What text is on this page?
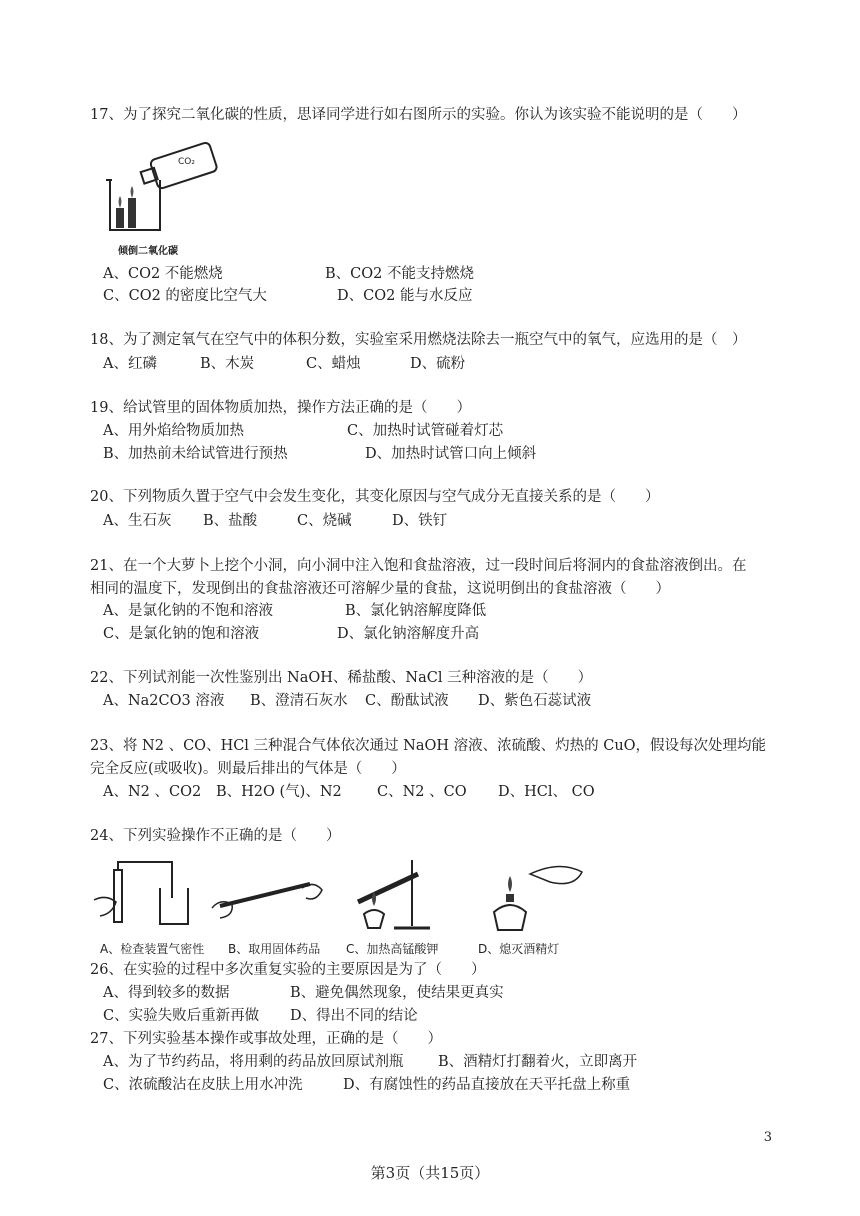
17、为了探究二氧化碳的性质，思译同学进行如右图所示的实验。你认为该实验不能说明的是（　　）
CO₂
倾倒二氧化碳
A、CO2 不能燃烧	B、CO2 不能支持燃烧
C、CO2 的密度比空气大	D、CO2 能与水反应
18、为了测定氧气在空气中的体积分数，实验室采用燃烧法除去一瓶空气中的氧气，应选用的是（　）
A、红磷	B、木炭	C、蜡烛	D、硫粉
19、给试管里的固体物质加热，操作方法正确的是（　　）
A、用外焰给物质加热	C、加热时试管碰着灯芯
B、加热前未给试管进行预热	D、加热时试管口向上倾斜
20、下列物质久置于空气中会发生变化，其变化原因与空气成分无直接关系的是（　　）
A、生石灰 B、盐酸	C、烧碱	D、铁钉
21、在一个大萝卜上挖个小洞，向小洞中注入饱和食盐溶液，过一段时间后将洞内的食盐溶液倒出。在
相同的温度下，发现倒出的食盐溶液还可溶解少量的食盐，这说明倒出的食盐溶液（　　）
A、是氯化钠的不饱和溶液	B、氯化钠溶解度降低
C、是氯化钠的饱和溶液	D、氯化钠溶解度升高
22、下列试剂能一次性鉴别出 NaOH、稀盐酸、NaCl 三种溶液的是（　　）
A、Na2CO3 溶液 B、澄清石灰水 C、酚酞试液 D、紫色石蕊试液
23、将 N2 、CO、HCl 三种混合气体依次通过 NaOH 溶液、浓硫酸、灼热的 CuO，假设每次处理均能
完全反应(或吸收)。则最后排出的气体是（　　）
A、N2 、CO2 B、H2O (气)、N2 C、N2 、CO D、HCl、 CO
24、下列实验操作不正确的是（　　）
A、检查装置气密性 B、取用固体药品 C、加热高锰酸钾	D、熄灭酒精灯
26、在实验的过程中多次重复实验的主要原因是为了（　　）
A、得到较多的数据	B、避免偶然现象，使结果更真实
C、实验失败后重新再做 D、得出不同的结论
27、下列实验基本操作或事故处理，正确的是（　　）
A、为了节约药品，将用剩的药品放回原试剂瓶 B、酒精灯打翻着火，立即离开
C、浓硫酸沾在皮肤上用水冲洗	D、有腐蚀性的药品直接放在天平托盘上称重
3
第3页（共15页）
